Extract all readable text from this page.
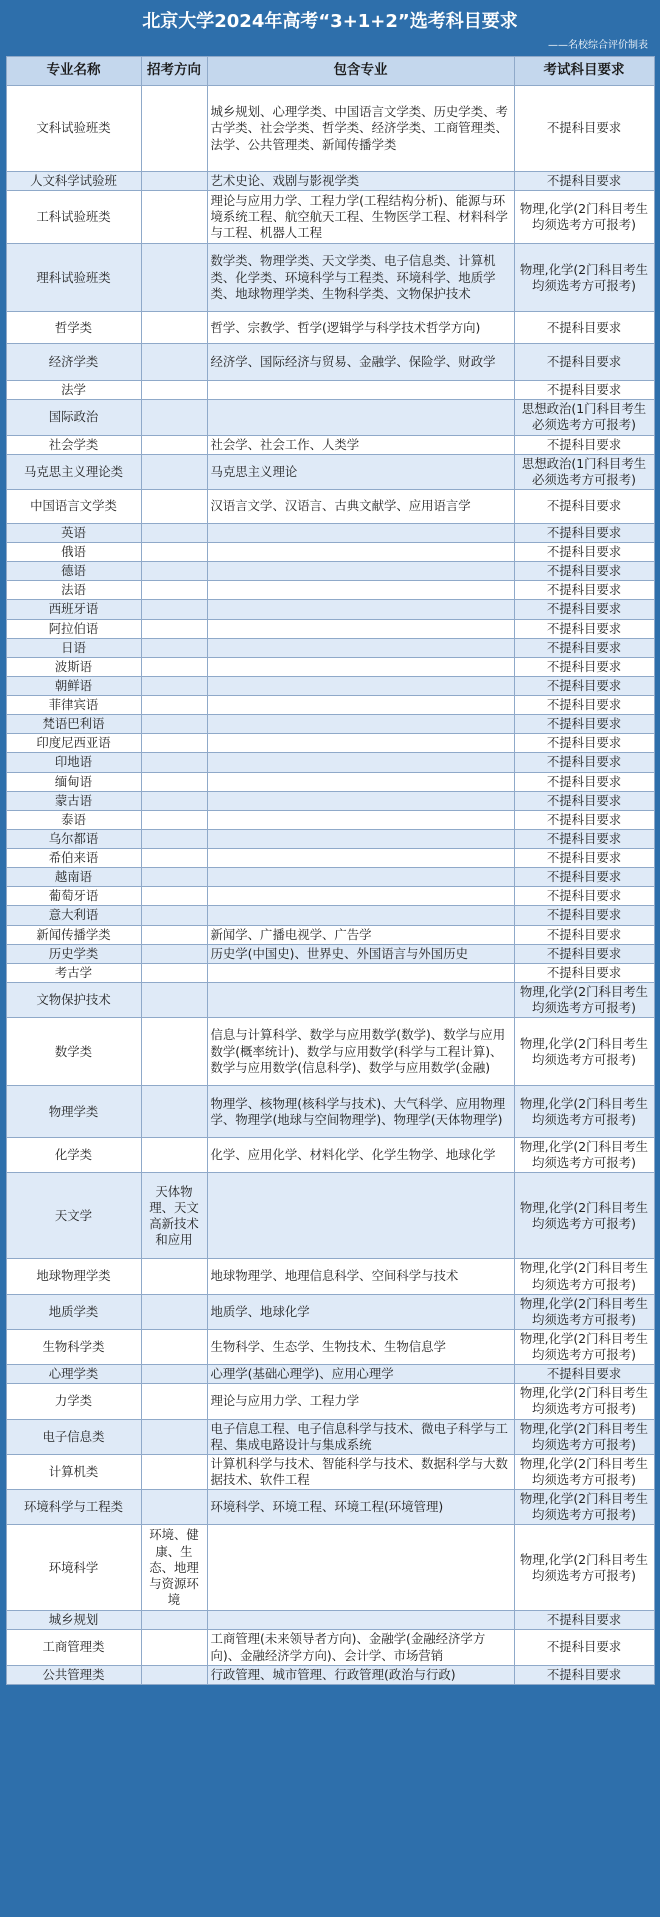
北京大学2024年高考“3+1+2”选考科目要求
——名校综合评价制表
专业名称	招考方向	包含专业	考试科目要求
文科试验班类		城乡规划、心理学类、中国语言文学类、历史学类、考古学类、社会学类、哲学类、经济学类、工商管理类、法学、公共管理类、新闻传播学类	不提科目要求
人文科学试验班		艺术史论、戏剧与影视学类	不提科目要求
工科试验班类		理论与应用力学、工程力学(工程结构分析)、能源与环境系统工程、航空航天工程、生物医学工程、材料科学与工程、机器人工程	物理,化学(2门科目考生均须选考方可报考)
理科试验班类		数学类、物理学类、天文学类、电子信息类、计算机类、化学类、环境科学与工程类、环境科学、地质学类、地球物理学类、生物科学类、文物保护技术	物理,化学(2门科目考生均须选考方可报考)
哲学类		哲学、宗教学、哲学(逻辑学与科学技术哲学方向)	不提科目要求
经济学类		经济学、国际经济与贸易、金融学、保险学、财政学	不提科目要求
法学			不提科目要求
国际政治			思想政治(1门科目考生必须选考方可报考)
社会学类		社会学、社会工作、人类学	不提科目要求
马克思主义理论类		马克思主义理论	思想政治(1门科目考生必须选考方可报考)
中国语言文学类		汉语言文学、汉语言、古典文献学、应用语言学	不提科目要求
英语			不提科目要求
俄语			不提科目要求
德语			不提科目要求
法语			不提科目要求
西班牙语			不提科目要求
阿拉伯语			不提科目要求
日语			不提科目要求
波斯语			不提科目要求
朝鲜语			不提科目要求
菲律宾语			不提科目要求
梵语巴利语			不提科目要求
印度尼西亚语			不提科目要求
印地语			不提科目要求
缅甸语			不提科目要求
蒙古语			不提科目要求
泰语			不提科目要求
乌尔都语			不提科目要求
希伯来语			不提科目要求
越南语			不提科目要求
葡萄牙语			不提科目要求
意大利语			不提科目要求
新闻传播学类		新闻学、广播电视学、广告学	不提科目要求
历史学类		历史学(中国史)、世界史、外国语言与外国历史	不提科目要求
考古学			不提科目要求
文物保护技术			物理,化学(2门科目考生均须选考方可报考)
数学类		信息与计算科学、数学与应用数学(数学)、数学与应用数学(概率统计)、数学与应用数学(科学与工程计算)、数学与应用数学(信息科学)、数学与应用数学(金融)	物理,化学(2门科目考生均须选考方可报考)
物理学类		物理学、核物理(核科学与技术)、大气科学、应用物理学、物理学(地球与空间物理学)、物理学(天体物理学)	物理,化学(2门科目考生均须选考方可报考)
化学类		化学、应用化学、材料化学、化学生物学、地球化学	物理,化学(2门科目考生均须选考方可报考)
天文学	天体物理、天文高新技术和应用		物理,化学(2门科目考生均须选考方可报考)
地球物理学类		地球物理学、地理信息科学、空间科学与技术	物理,化学(2门科目考生均须选考方可报考)
地质学类		地质学、地球化学	物理,化学(2门科目考生均须选考方可报考)
生物科学类		生物科学、生态学、生物技术、生物信息学	物理,化学(2门科目考生均须选考方可报考)
心理学类		心理学(基础心理学)、应用心理学	不提科目要求
力学类		理论与应用力学、工程力学	物理,化学(2门科目考生均须选考方可报考)
电子信息类		电子信息工程、电子信息科学与技术、微电子科学与工程、集成电路设计与集成系统	物理,化学(2门科目考生均须选考方可报考)
计算机类		计算机科学与技术、智能科学与技术、数据科学与大数据技术、软件工程	物理,化学(2门科目考生均须选考方可报考)
环境科学与工程类		环境科学、环境工程、环境工程(环境管理)	物理,化学(2门科目考生均须选考方可报考)
环境科学	环境、健康、生态、地理与资源环境		物理,化学(2门科目考生均须选考方可报考)
城乡规划			不提科目要求
工商管理类		工商管理(未来领导者方向)、金融学(金融经济学方向)、金融经济学方向)、会计学、市场营销	不提科目要求
公共管理类		行政管理、城市管理、行政管理(政治与行政)	不提科目要求
